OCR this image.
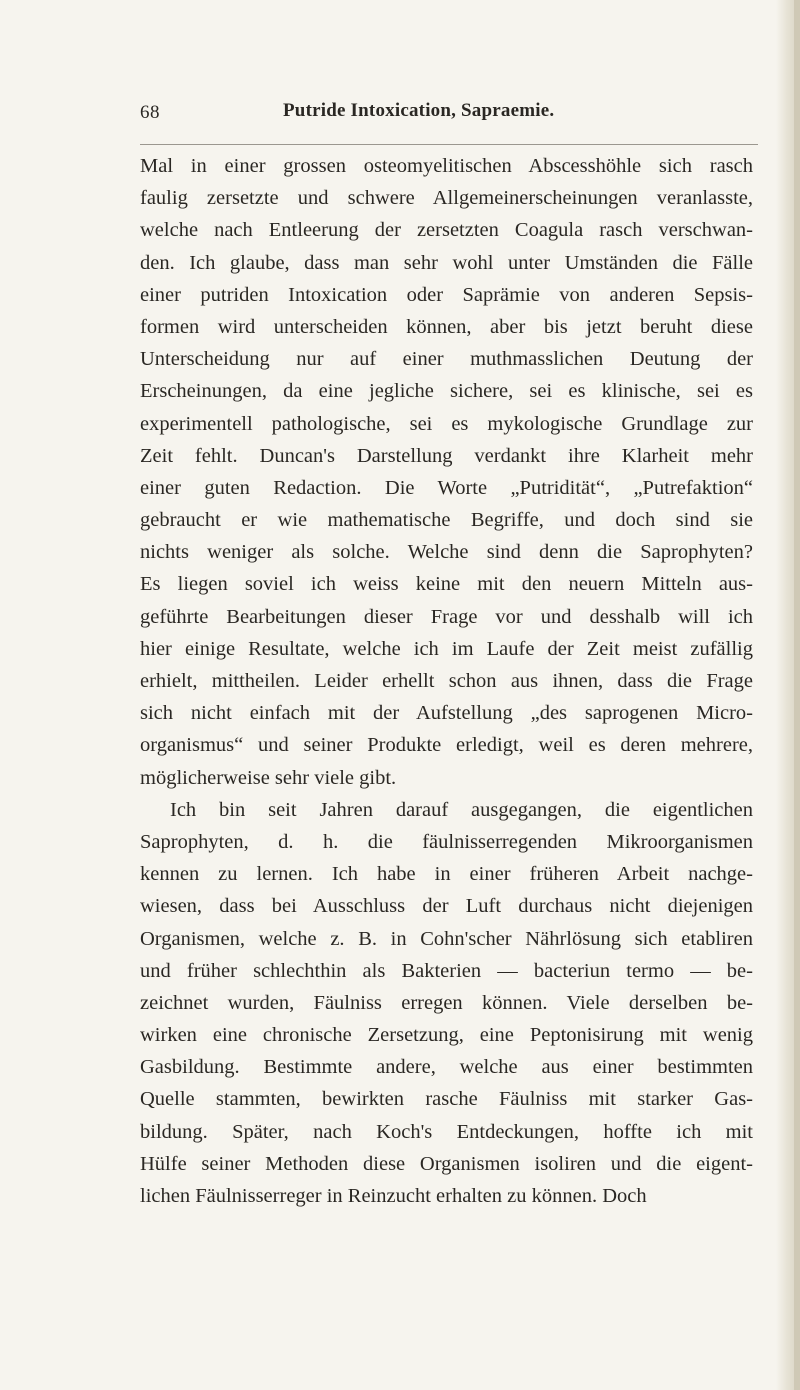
68	Putride Intoxication, Sapraemie.
Mal in einer grossen osteomyelitischen Abscesshöhle sich rasch
faulig zersetzte und schwere Allgemeinerscheinungen veranlasste,
welche nach Entleerung der zersetzten Coagula rasch verschwan-
den. Ich glaube, dass man sehr wohl unter Umständen die Fälle
einer putriden Intoxication oder Saprämie von anderen Sepsis-
formen wird unterscheiden können, aber bis jetzt beruht diese
Unterscheidung nur auf einer muthmasslichen Deutung der
Erscheinungen, da eine jegliche sichere, sei es klinische, sei es
experimentell pathologische, sei es mykologische Grundlage zur
Zeit fehlt. Duncan's Darstellung verdankt ihre Klarheit mehr
einer guten Redaction. Die Worte „Putridität“, „Putrefaktion“
gebraucht er wie mathematische Begriffe, und doch sind sie
nichts weniger als solche. Welche sind denn die Saprophyten?
Es liegen soviel ich weiss keine mit den neuern Mitteln aus-
geführte Bearbeitungen dieser Frage vor und desshalb will ich
hier einige Resultate, welche ich im Laufe der Zeit meist zufällig
erhielt, mittheilen. Leider erhellt schon aus ihnen, dass die Frage
sich nicht einfach mit der Aufstellung „des saprogenen Micro-
organismus“ und seiner Produkte erledigt, weil es deren mehrere,
möglicherweise sehr viele gibt.
Ich bin seit Jahren darauf ausgegangen, die eigentlichen
Saprophyten, d. h. die fäulnisserregenden Mikroorganismen
kennen zu lernen. Ich habe in einer früheren Arbeit nachge-
wiesen, dass bei Ausschluss der Luft durchaus nicht diejenigen
Organismen, welche z. B. in Cohn'scher Nährlösung sich etabliren
und früher schlechthin als Bakterien — bacteriun termo — be-
zeichnet wurden, Fäulniss erregen können. Viele derselben be-
wirken eine chronische Zersetzung, eine Peptonisirung mit wenig
Gasbildung. Bestimmte andere, welche aus einer bestimmten
Quelle stammten, bewirkten rasche Fäulniss mit starker Gas-
bildung. Später, nach Koch's Entdeckungen, hoffte ich mit
Hülfe seiner Methoden diese Organismen isoliren und die eigent-
lichen Fäulnisserreger in Reinzucht erhalten zu können. Doch
